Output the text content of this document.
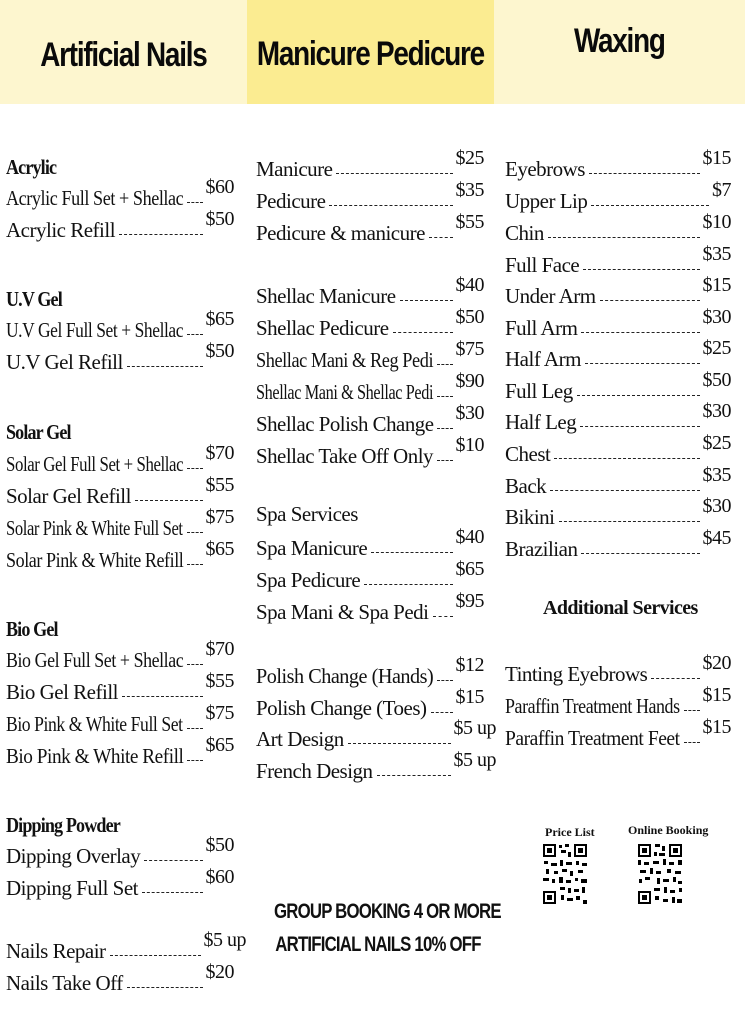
Artificial Nails Manicure Pedicure	Waxing
Acrylic
Acrylic Full Set + Shellac $60
Acrylic Refill	$50
U.V Gel
U.V Gel Full Set + Shellac $65
U.V Gel Refill	$50
Solar Gel
Solar Gel Full Set + Shellac $70
Solar Gel Refill	$55
Solar Pink & White Full Set $75
Solar Pink & White Refill $65
Bio Gel
Bio Gel Full Set + Shellac $70
Bio Gel Refill	$55
Bio Pink & White Full Set $75
Bio Pink & White Refill $65
Dipping Powder
Dipping Overlay	$50
Dipping Full Set	$60
Nails Repair	$5 up
Nails Take Off	$20
Manicure	$25
Pedicure	$35
Pedicure & manicure $55
Shellac Manicure	$40
Shellac Pedicure	$50
Shellac Mani & Reg Pedi $75
Shellac Mani & Shellac Pedi $90
Shellac Polish Change $30
Shellac Take Off Only $10
Spa Services
Spa Manicure	$40
Spa Pedicure	$65
Spa Mani & Spa Pedi $95
Polish Change (Hands) $12
Polish Change (Toes) $15
Art Design	$5 up
French Design	$5 up
Eyebrows	$15
Upper Lip	$7
Chin	$10
Full Face	$35
Under Arm	$15
Full Arm	$30
Half Arm	$25
Full Leg	$50
Half Leg	$30
Chest	$25
Back	$35
Bikini	$30
Brazilian	$45
Additional Services
Tinting Eyebrows	$20
Paraffin Treatment Hands $15
Paraffin Treatment Feet $15
Price List	Online Booking
GROUP BOOKING 4 OR MORE
ARTIFICIAL NAILS 10% OFF
